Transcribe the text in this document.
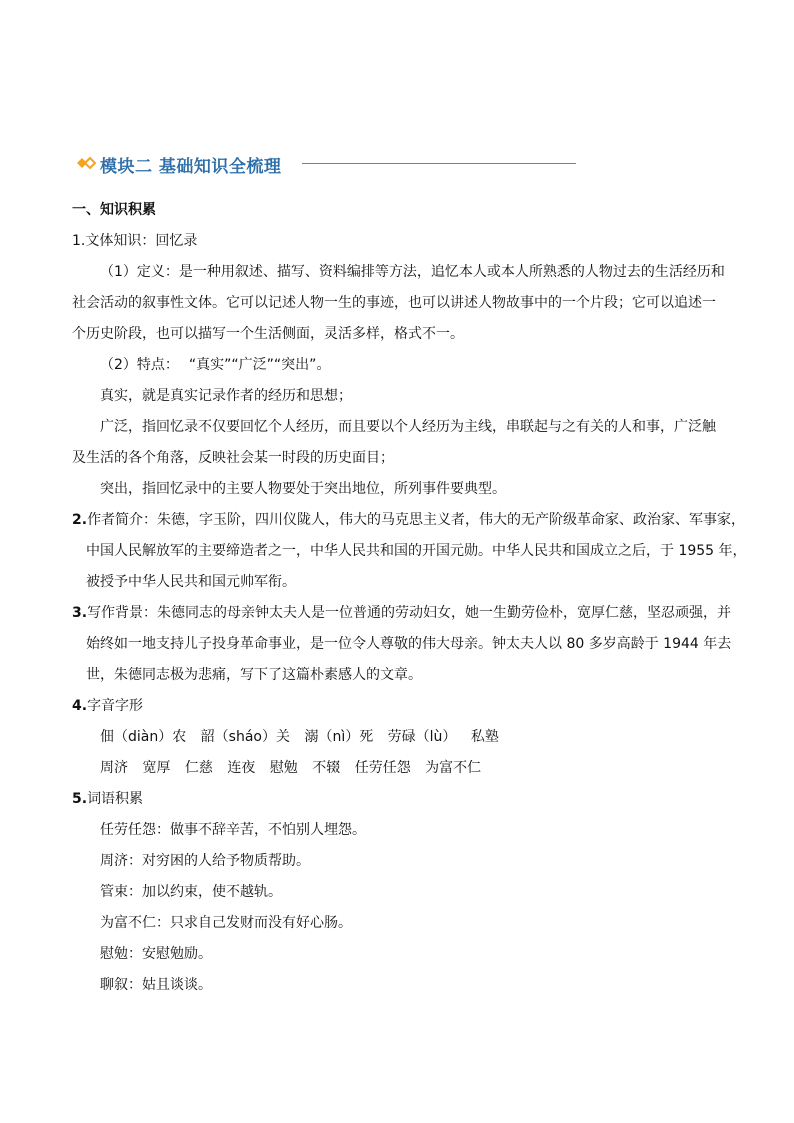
模块二 基础知识全梳理

一、知识积累

1.文体知识：回忆录

（1）定义：是一种用叙述、描写、资料编排等方法，追忆本人或本人所熟悉的人物过去的生活经历和

社会活动的叙事性文体。它可以记述人物一生的事迹，也可以讲述人物故事中的一个片段；它可以追述一

个历史阶段，也可以描写一个生活侧面，灵活多样，格式不一。

（2）特点： “真实”“广泛”“突出”。

真实，就是真实记录作者的经历和思想；

广泛，指回忆录不仅要回忆个人经历，而且要以个人经历为主线，串联起与之有关的人和事，广泛触

及生活的各个角落，反映社会某一时段的历史面目；

突出，指回忆录中的主要人物要处于突出地位，所列事件要典型。

2.作者简介：朱德，字玉阶，四川仪陇人，伟大的马克思主义者，伟大的无产阶级革命家、政治家、军事家，

中国人民解放军的主要缔造者之一，中华人民共和国的开国元勋。中华人民共和国成立之后，于 1955 年，

被授予中华人民共和国元帅军衔。

3.写作背景：朱德同志的母亲钟太夫人是一位普通的劳动妇女，她一生勤劳俭朴，宽厚仁慈，坚忍顽强，并

始终如一地支持儿子投身革命事业，是一位令人尊敬的伟大母亲。钟太夫人以 80 多岁高龄于 1944 年去

世，朱德同志极为悲痛，写下了这篇朴素感人的文章。

4.字音字形

佃（diàn）农 韶（sháo）关 溺（nì）死 劳碌（lù） 私塾

周济 宽厚 仁慈 连夜 慰勉 不辍 任劳任怨 为富不仁

5.词语积累

任劳任怨：做事不辞辛苦，不怕别人埋怨。

周济：对穷困的人给予物质帮助。

管束：加以约束，使不越轨。

为富不仁：只求自己发财而没有好心肠。

慰勉：安慰勉励。

聊叙：姑且谈谈。
